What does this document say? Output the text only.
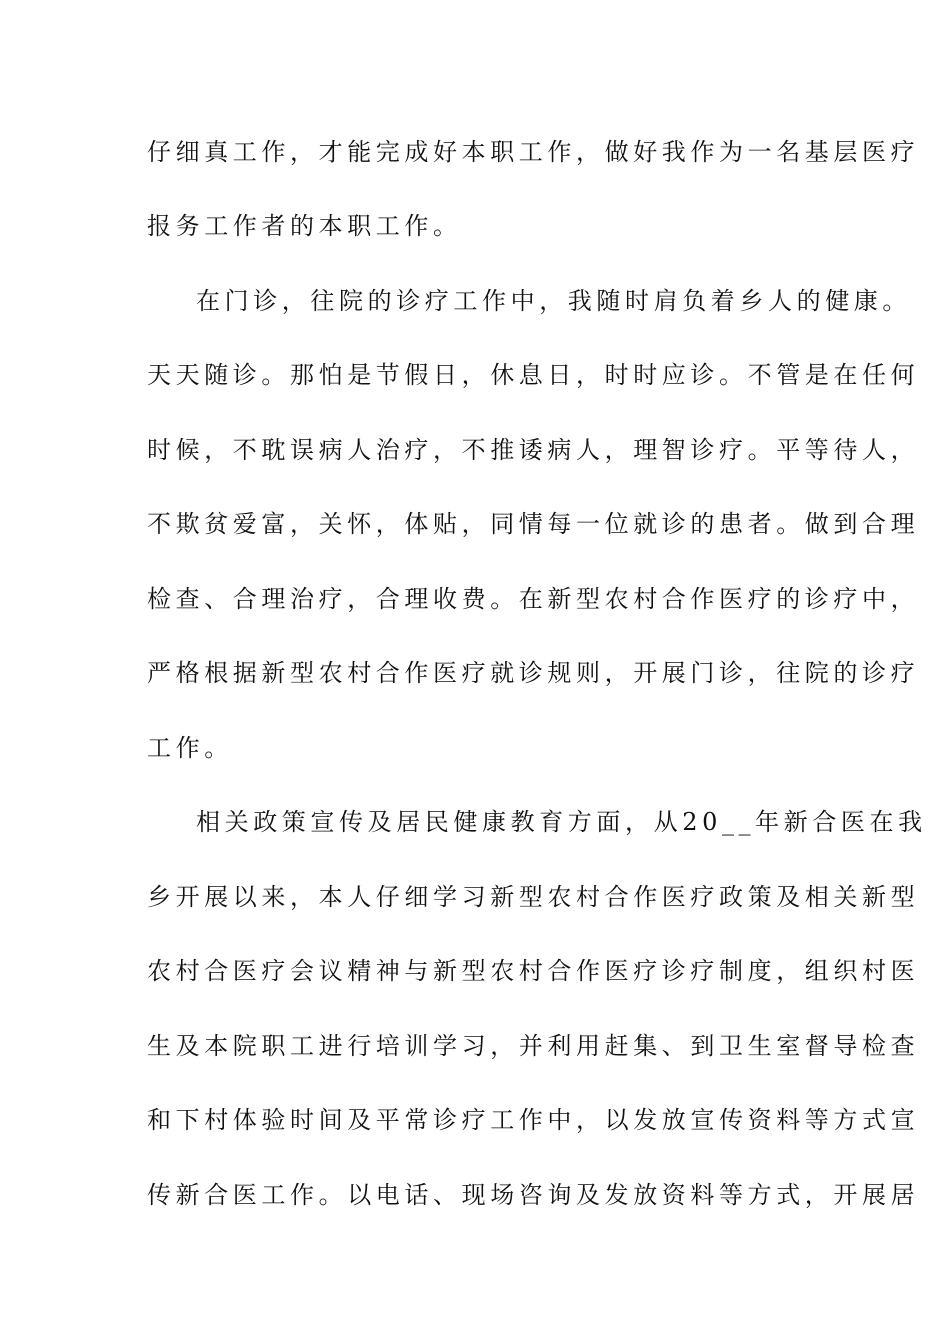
仔细真工作，才能完成好本职工作，做好我作为一名基层医疗
报务工作者的本职工作。
在门诊，往院的诊疗工作中，我随时肩负着乡人的健康。
天天随诊。那怕是节假日，休息日，时时应诊。不管是在任何
时候，不耽误病人治疗，不推诿病人，理智诊疗。平等待人，
不欺贫爱富，关怀，体贴，同情每一位就诊的患者。做到合理
检查、合理治疗，合理收费。在新型农村合作医疗的诊疗中，
严格根据新型农村合作医疗就诊规则，开展门诊，往院的诊疗
工作。
相关政策宣传及居民健康教育方面，从20__年新合医在我
乡开展以来，本人仔细学习新型农村合作医疗政策及相关新型
农村合医疗会议精神与新型农村合作医疗诊疗制度，组织村医
生及本院职工进行培训学习，并利用赶集、到卫生室督导检查
和下村体验时间及平常诊疗工作中，以发放宣传资料等方式宣
传新合医工作。以电话、现场咨询及发放资料等方式，开展居
